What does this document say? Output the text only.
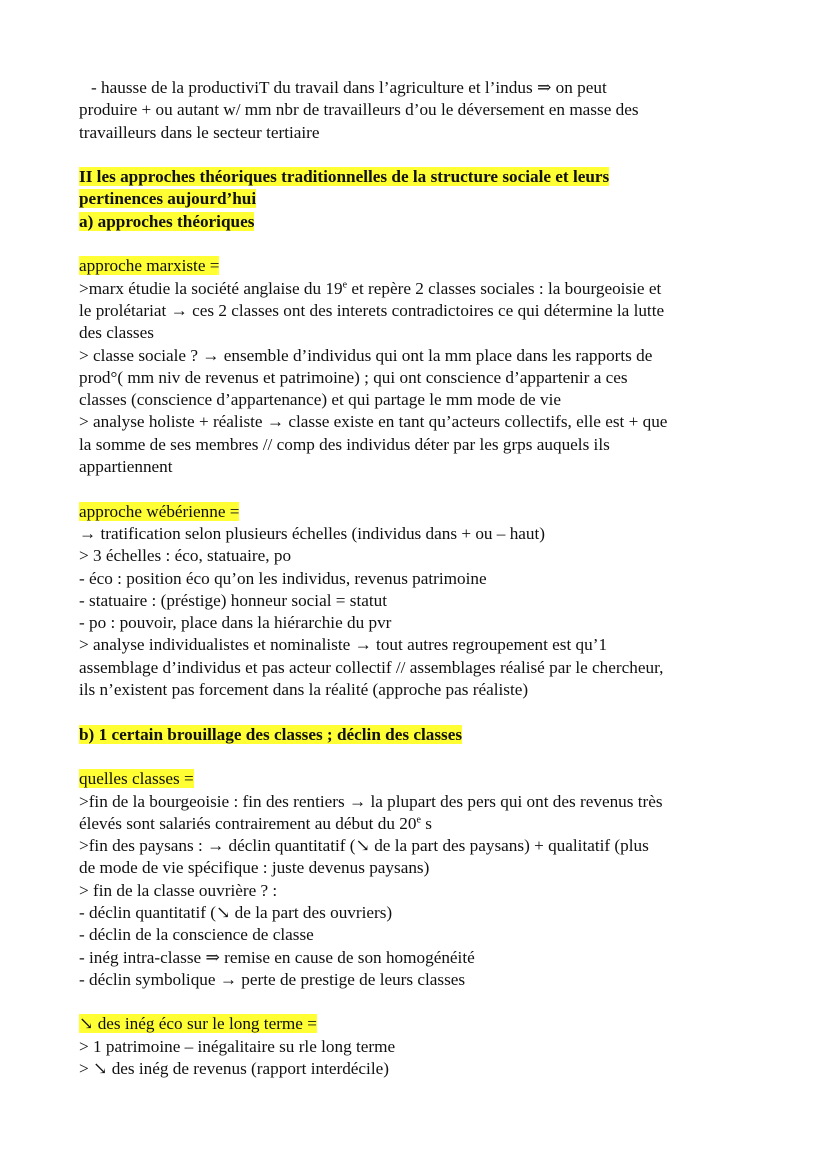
- hausse de la productiviT du travail dans l’agriculture et l’indus ⇒ on peut
produire + ou autant w/ mm nbr de travailleurs d’ou le déversement en masse des
travailleurs dans le secteur tertiaire
II les approches théoriques traditionnelles de la structure sociale et leurs
pertinences aujourd’hui
a) approches théoriques
approche marxiste =
>marx étudie la société anglaise du 19e et repère 2 classes sociales : la bourgeoisie et
le prolétariat → ces 2 classes ont des interets contradictoires ce qui détermine la lutte
des classes
> classe sociale ? → ensemble d’individus qui ont la mm place dans les rapports de
prod°( mm niv de revenus et patrimoine) ; qui ont conscience d’appartenir a ces
classes (conscience d’appartenance) et qui partage le mm mode de vie
> analyse holiste + réaliste → classe existe en tant qu’acteurs collectifs, elle est + que
la somme de ses membres // comp des individus déter par les grps auquels ils
appartiennent
approche wébérienne =
→ tratification selon plusieurs échelles (individus dans + ou – haut)
> 3 échelles : éco, statuaire, po
- éco : position éco qu’on les individus, revenus patrimoine
- statuaire : (préstige) honneur social = statut
- po : pouvoir, place dans la hiérarchie du pvr
> analyse individualistes et nominaliste → tout autres regroupement est qu’1
assemblage d’individus et pas acteur collectif // assemblages réalisé par le chercheur,
ils n’existent pas forcement dans la réalité (approche pas réaliste)
b) 1 certain brouillage des classes ; déclin des classes
quelles classes =
>fin de la bourgeoisie : fin des rentiers → la plupart des pers qui ont des revenus très
élevés sont salariés contrairement au début du 20e s
>fin des paysans : → déclin quantitatif (↘ de la part des paysans) + qualitatif (plus
de mode de vie spécifique : juste devenus paysans)
> fin de la classe ouvrière ? :
- déclin quantitatif (↘ de la part des ouvriers)
- déclin de la conscience de classe
- inég intra-classe ⇒ remise en cause de son homogénéité
- déclin symbolique → perte de prestige de leurs classes
↘ des inég éco sur le long terme =
> 1 patrimoine – inégalitaire su rle long terme
> ↘ des inég de revenus (rapport interdécile)
